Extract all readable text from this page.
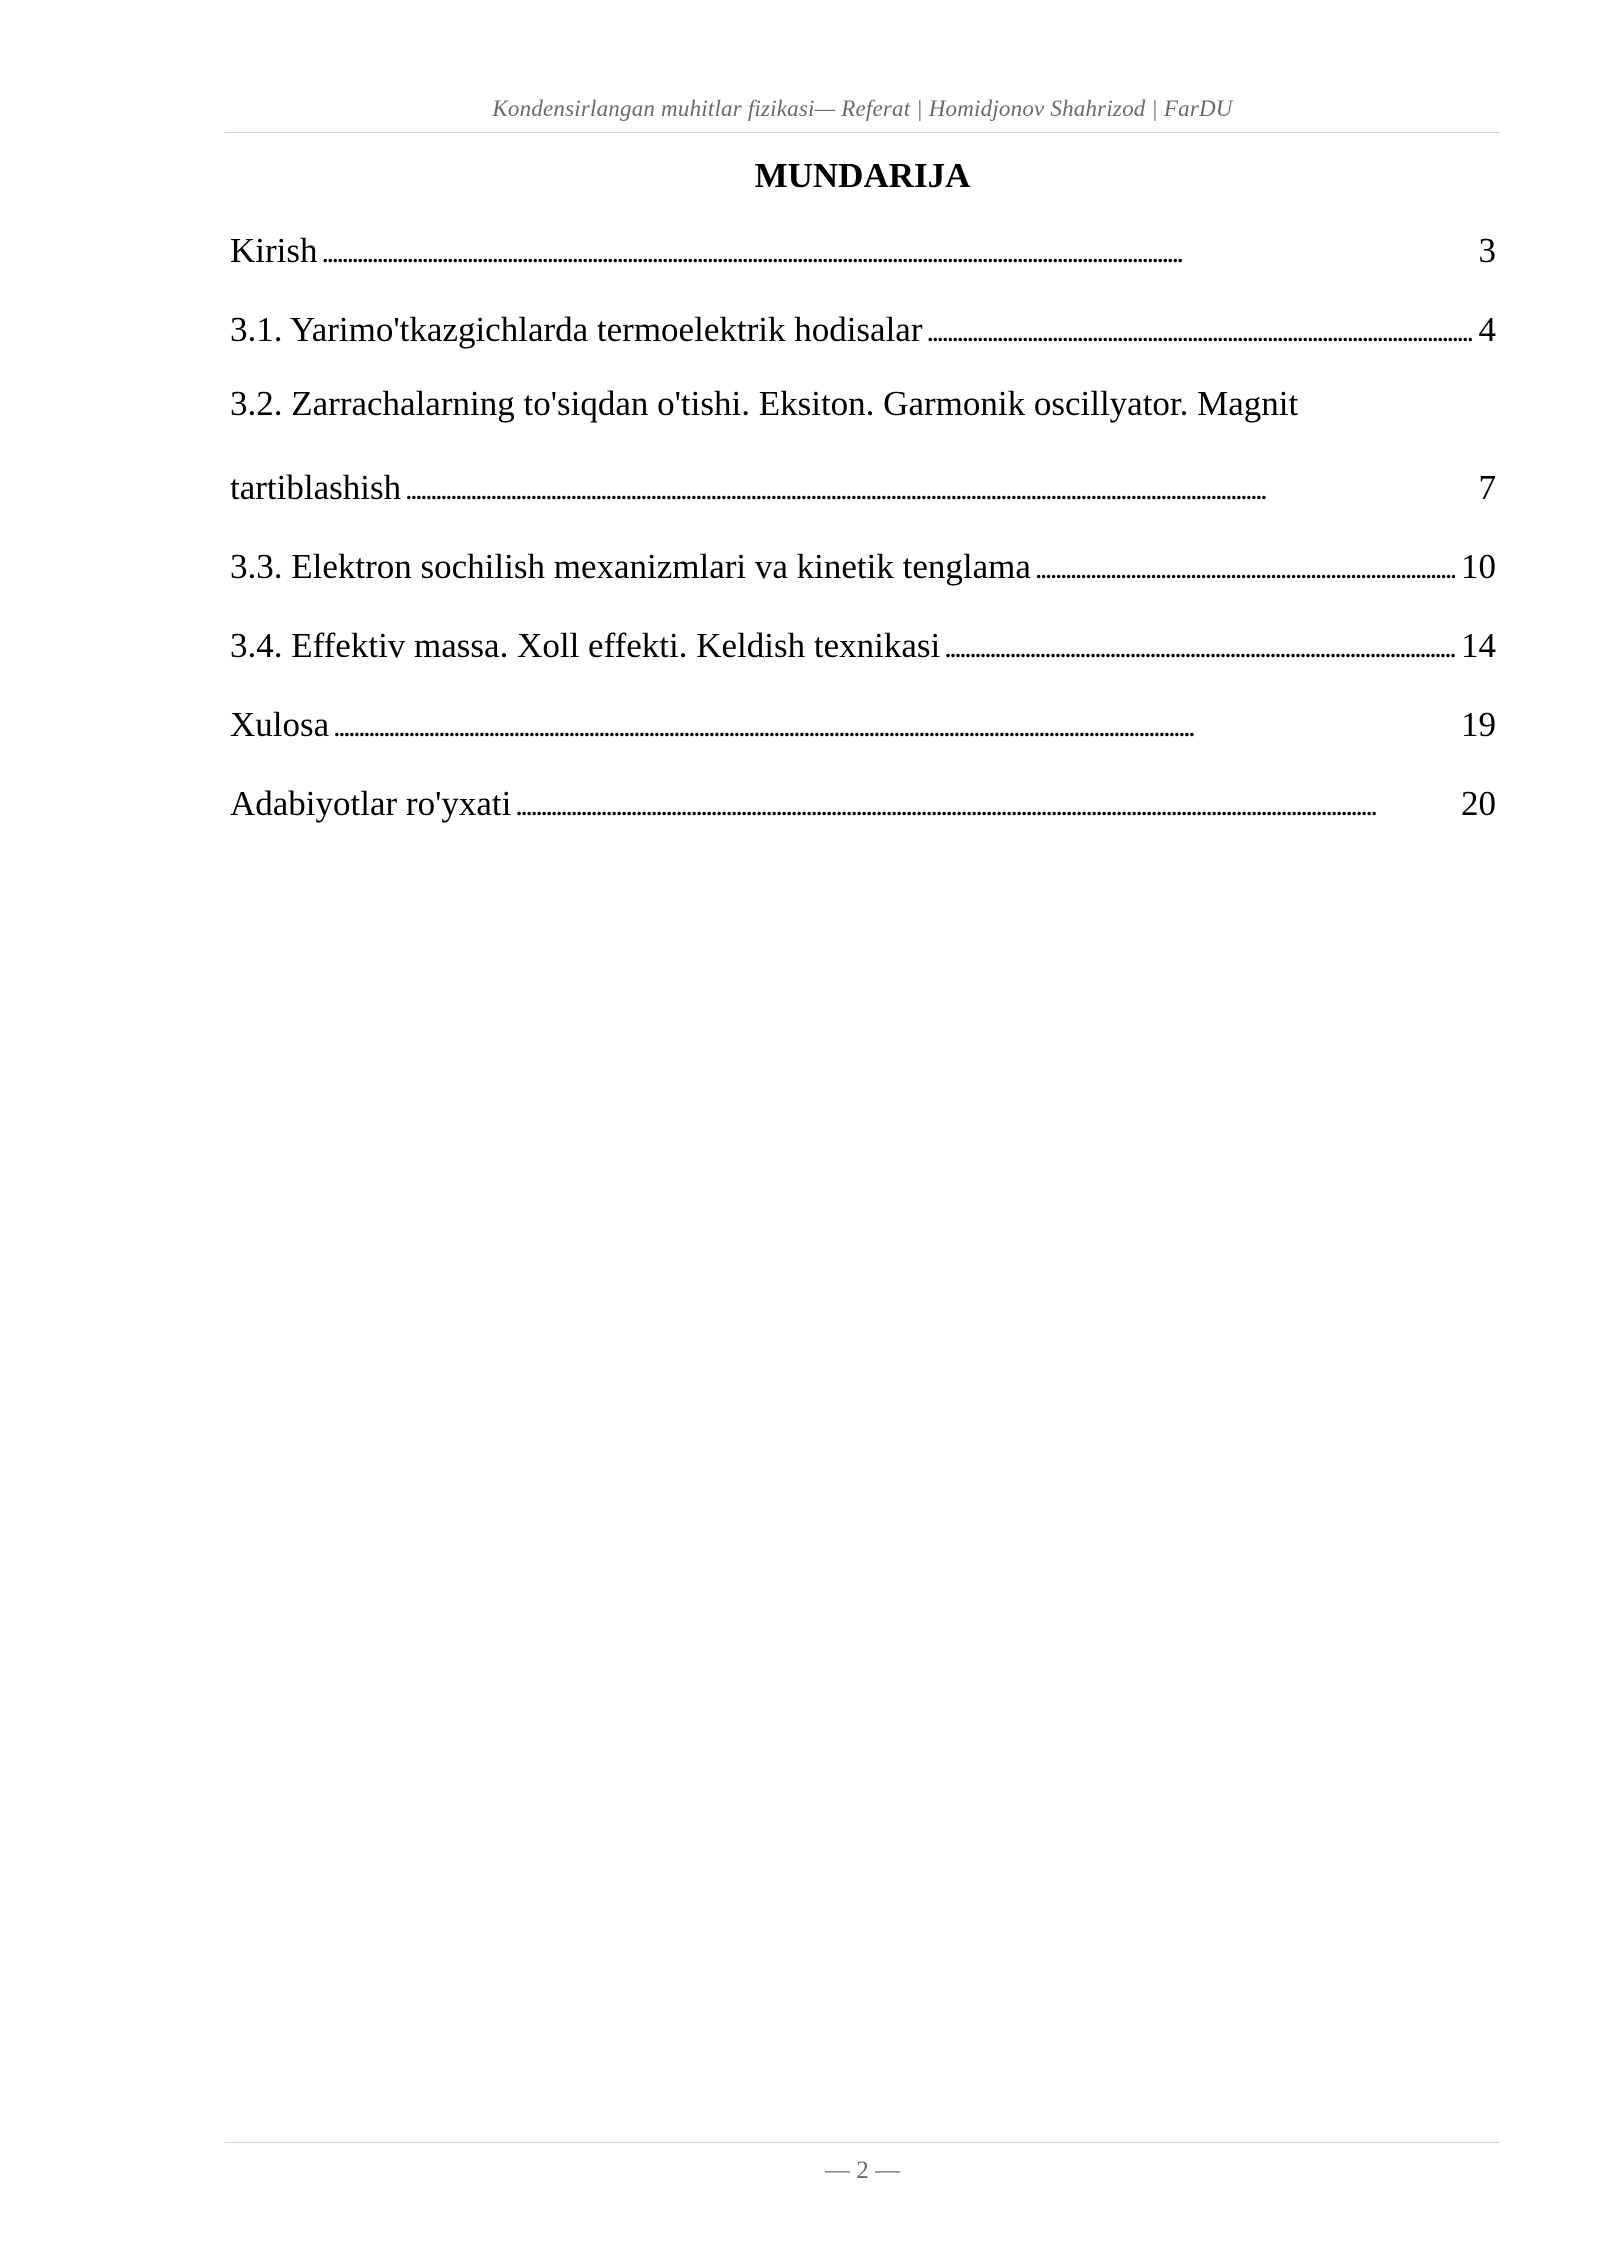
Kondensirlangan muhitlar fizikasi— Referat | Homidjonov Shahrizod | FarDU
MUNDARIJA
Kirish . . .	3
3.1. Yarimo'tkazgichlarda termoelektrik hodisalar . . .	4
3.2. Zarrachalarning to'siqdan o'tishi. Eksiton. Garmonik oscillyator. Magnit
tartiblashish . . .	7
3.3. Elektron sochilish mexanizmlari va kinetik tenglama . . .	10
3.4. Effektiv massa. Xoll effekti. Keldish texnikasi . . .	14
Xulosa . . .	19
Adabiyotlar ro'yxati . . .	20
— 2 —
